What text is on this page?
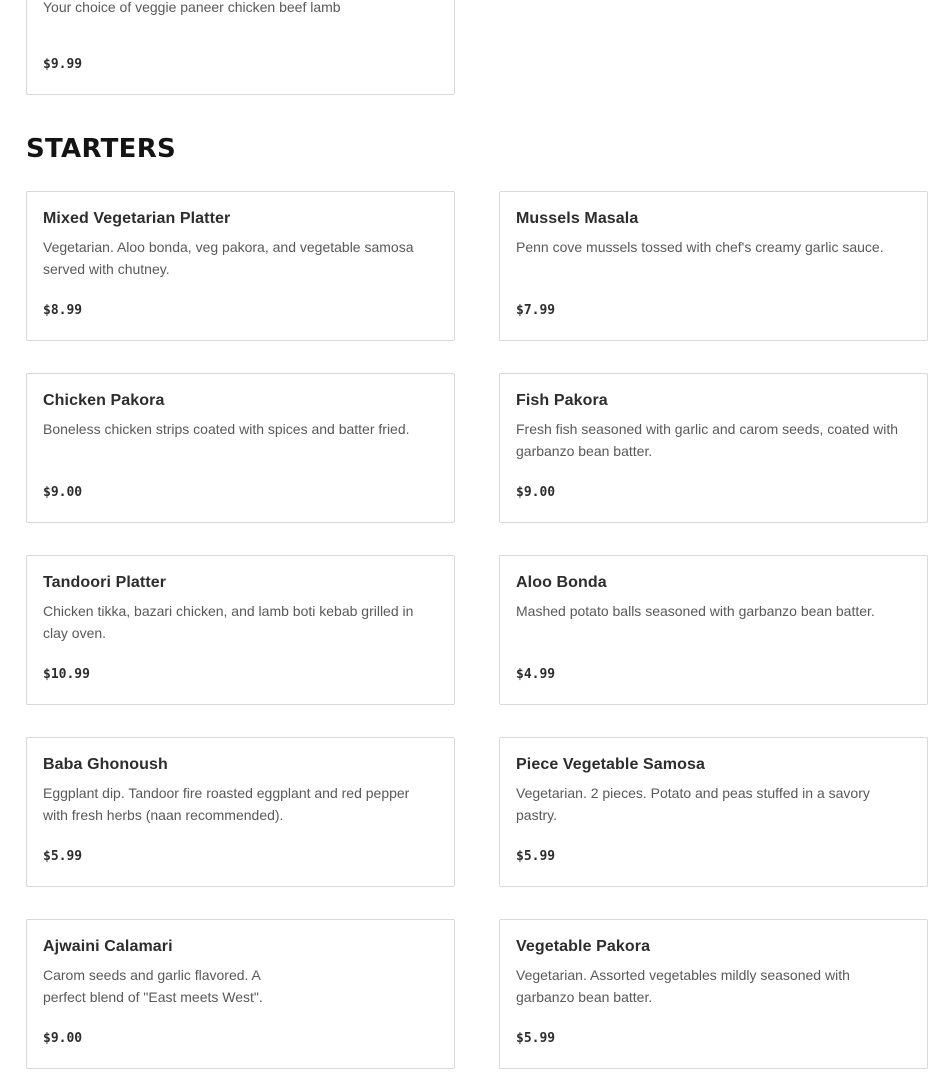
Your choice of veggie paneer chicken beef lamb
$9.99
STARTERS
Mixed Vegetarian Platter
Vegetarian. Aloo bonda, veg pakora, and vegetable samosa served with chutney.
$8.99
Mussels Masala
Penn cove mussels tossed with chef's creamy garlic sauce.
$7.99
Chicken Pakora
Boneless chicken strips coated with spices and batter fried.
$9.00
Fish Pakora
Fresh fish seasoned with garlic and carom seeds, coated with garbanzo bean batter.
$9.00
Tandoori Platter
Chicken tikka, bazari chicken, and lamb boti kebab grilled in clay oven.
$10.99
Aloo Bonda
Mashed potato balls seasoned with garbanzo bean batter.
$4.99
Baba Ghonoush
Eggplant dip. Tandoor fire roasted eggplant and red pepper with fresh herbs (naan recommended).
$5.99
Piece Vegetable Samosa
Vegetarian. 2 pieces. Potato and peas stuffed in a savory pastry.
$5.99
Ajwaini Calamari
Carom seeds and garlic flavored. A perfect blend of "East meets West".
$9.00
Vegetable Pakora
Vegetarian. Assorted vegetables mildly seasoned with garbanzo bean batter.
$5.99
